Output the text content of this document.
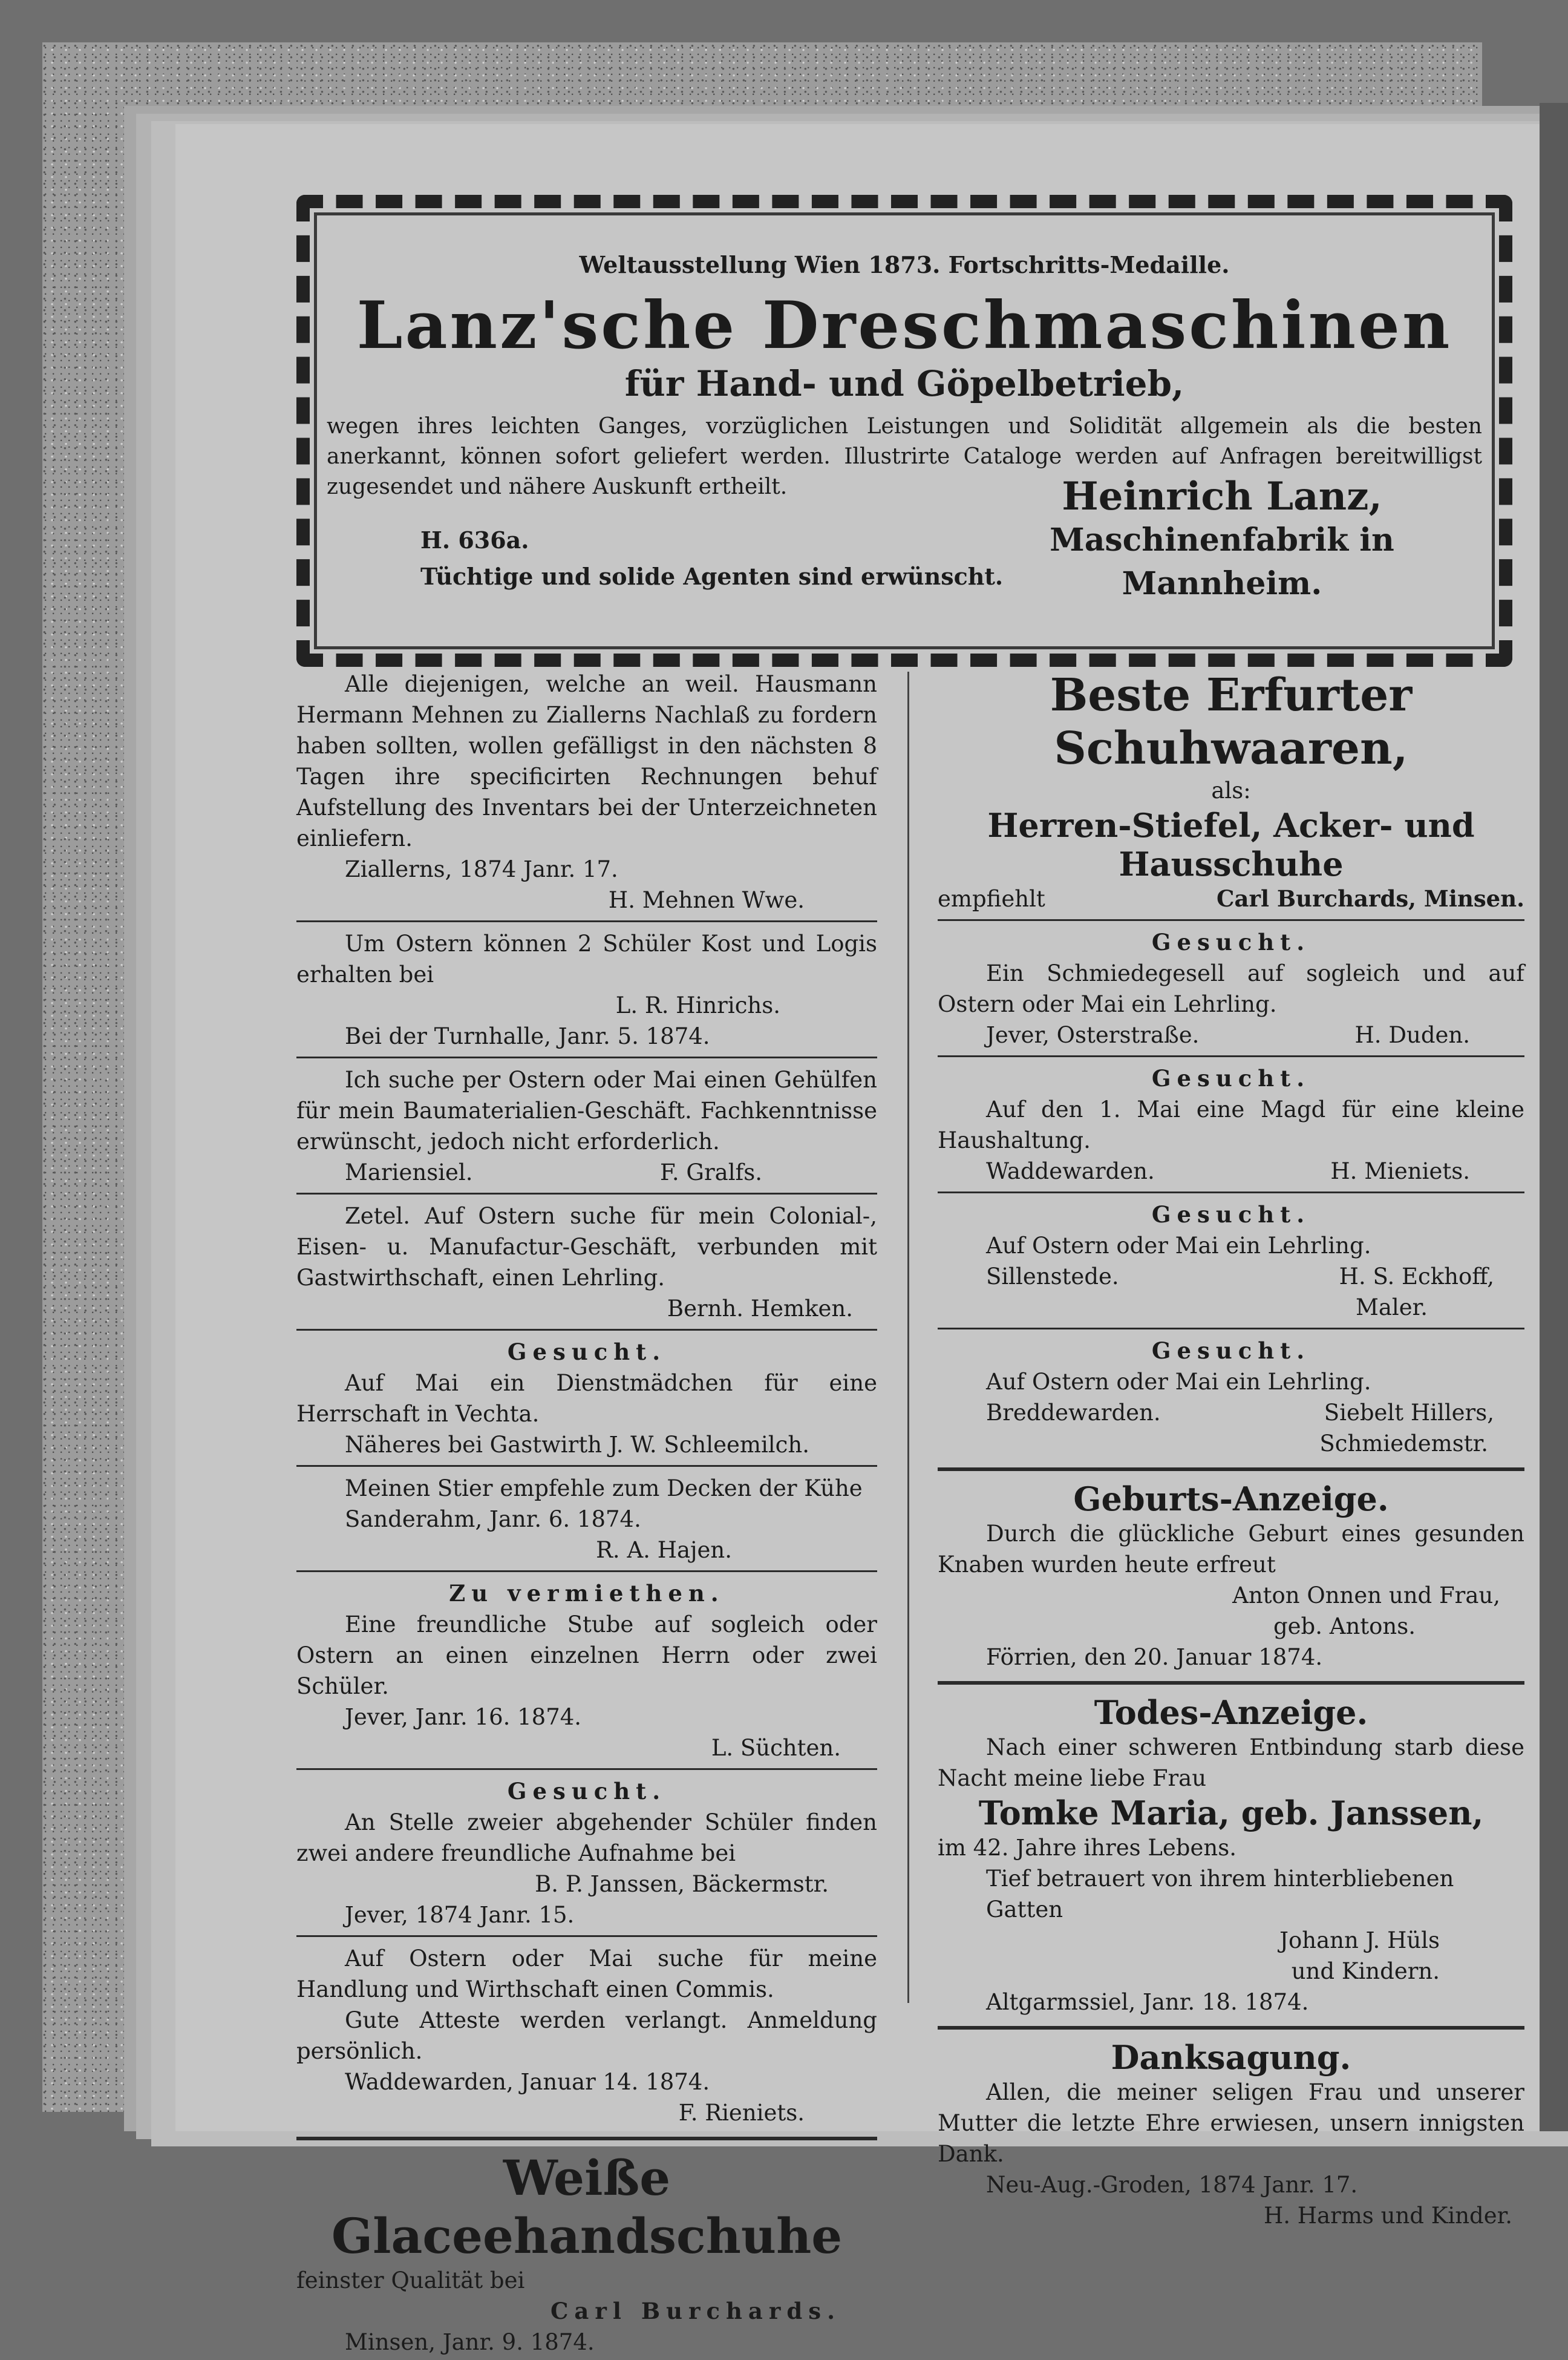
Weltausstellung Wien 1873. Fortschritts-Medaille.
Lanz'sche Dreschmaschinen
für Hand- und Göpelbetrieb,
wegen ihres leichten Ganges, vorzüglichen Leistungen und Solidität allgemein als die besten anerkannt, können sofort geliefert werden. Illustrirte Cataloge werden auf Anfragen bereitwilligst zugesendet und nähere Auskunft ertheilt.	Heinrich Lanz,
Maschinenfabrik in Mannheim.
H. 636a.
Tüchtige und solide Agenten sind erwünscht.
Alle diejenigen, welche an weil. Hausmann Hermann Mehnen zu Ziallerns Nachlaß zu fordern haben sollten, wollen gefälligst in den nächsten 8 Tagen ihre specificirten Rechnungen behuf Aufstellung des Inventars bei der Unterzeichneten einliefern.
Ziallerns, 1874 Janr. 17.
H. Mehnen Wwe.
Um Ostern können 2 Schüler Kost und Logis erhalten bei
L. R. Hinrichs.
Bei der Turnhalle, Janr. 5. 1874.
Ich suche per Ostern oder Mai einen Gehülfen für mein Baumaterialien-Geschäft. Fachkenntnisse erwünscht, jedoch nicht erforderlich.
Mariensiel.	F. Gralfs.
Zetel. Auf Ostern suche für mein Colonial-, Eisen- u. Manufactur-Geschäft, verbunden mit Gastwirthschaft, einen Lehrling.
Bernh. Hemken.
Gesucht.
Auf Mai ein Dienstmädchen für eine Herrschaft in Vechta.
Näheres bei Gastwirth J. W. Schleemilch.
Meinen Stier empfehle zum Decken der Kühe
Sanderahm, Janr. 6. 1874.
R. A. Hajen.
Zu vermiethen.
Eine freundliche Stube auf sogleich oder Ostern an einen einzelnen Herrn oder zwei Schüler.
Jever, Janr. 16. 1874.
L. Süchten.
Gesucht.
An Stelle zweier abgehender Schüler finden zwei andere freundliche Aufnahme bei
B. P. Janssen, Bäckermstr.
Jever, 1874 Janr. 15.
Auf Ostern oder Mai suche für meine Handlung und Wirthschaft einen Commis.
Gute Atteste werden verlangt. Anmeldung persönlich.
Waddewarden, Januar 14. 1874.
F. Rieniets.
Weiße Glaceehandschuhe
feinster Qualität bei
Carl Burchards.
Minsen, Janr. 9. 1874.
Beste Erfurter Schuhwaaren,
als:
Herren-Stiefel, Acker- und Hausschuhe
empfiehlt	Carl Burchards, Minsen.
Gesucht.
Ein Schmiedegesell auf sogleich und auf Ostern oder Mai ein Lehrling.
Jever, Osterstraße.	H. Duden.
Gesucht.
Auf den 1. Mai eine Magd für eine kleine Haushaltung.
Waddewarden.	H. Mieniets.
Gesucht.
Auf Ostern oder Mai ein Lehrling.
Sillenstede.	H. S. Eckhoff,
Maler.
Gesucht.
Auf Ostern oder Mai ein Lehrling.
Breddewarden.	Siebelt Hillers,
Schmiedemstr.
Geburts-Anzeige.
Durch die glückliche Geburt eines gesunden Knaben wurden heute erfreut
Anton Onnen und Frau,
geb. Antons.
Förrien, den 20. Januar 1874.
Todes-Anzeige.
Nach einer schweren Entbindung starb diese Nacht meine liebe Frau
Tomke Maria, geb. Janssen,
im 42. Jahre ihres Lebens.
Tief betrauert von ihrem hinterbliebenen Gatten
Johann J. Hüls
und Kindern.
Altgarmssiel, Janr. 18. 1874.
Danksagung.
Allen, die meiner seligen Frau und unserer Mutter die letzte Ehre erwiesen, unsern innigsten Dank.
Neu-Aug.-Groden, 1874 Janr. 17.
H. Harms und Kinder.
